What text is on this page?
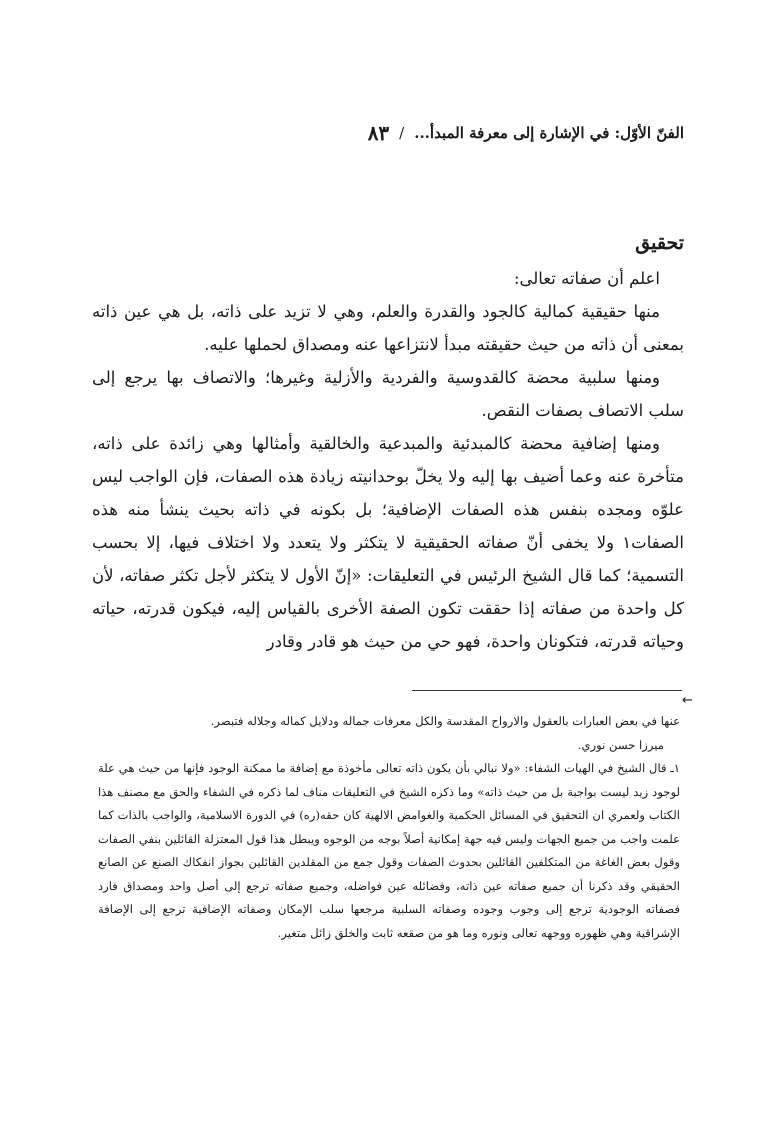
الفنّ الأوّل: في الإشارة إلى معرفة المبدأ...
/
٨٣
تحقيق

اعلم أن صفاته تعالى:

منها حقيقية كمالية كالجود والقدرة والعلم، وهي لا تزيد على ذاته، بل هي عين ذاته بمعنى أن ذاته من حيث حقيقته مبدأ لانتزاعها عنه ومصداق لحملها عليه.

ومنها سلبية محضة كالقدوسية والفردية والأزلية وغيرها؛ والاتصاف بها يرجع إلى سلب الاتصاف بصفات النقص.

ومنها إضافية محضة كالمبدئية والمبدعية والخالقية وأمثالها وهي زائدة على ذاته، متأخرة عنه وعما أضيف بها إليه ولا يخلّ بوحدانيته زيادة هذه الصفات، فإن الواجب ليس علوّه ومجده بنفس هذه الصفات الإضافية؛ بل بكونه في ذاته بحيث ينشأ منه هذه الصفات١ ولا يخفى أنّ صفاته الحقيقية لا يتكثر ولا يتعدد ولا اختلاف فيها، إلا بحسب التسمية؛ كما قال الشيخ الرئيس في التعليقات: «إنّ الأول لا يتكثر لأجل تكثر صفاته، لأن كل واحدة من صفاته إذا حققت تكون الصفة الأخرى بالقياس إليه، فيكون قدرته، حياته وحياته قدرته، فتكونان واحدة، فهو حي من حيث هو قادر وقادر

←

عنها في بعض العبارات بالعقول والارواح المقدسة والكل معرفات جماله ودلايل كماله وجلاله فتبصر.

ميرزا حسن نوري.

١ـ قال الشيخ في الهيات الشفاء: «ولا نبالي بأن يكون ذاته تعالى مأخوذة مع إضافة ما ممكنة الوجود فإنها من حيث هي علة لوجود زيد ليست بواجبة بل من حيث ذاته» وما ذكره الشيخ في التعليقات مناف لما ذكره في الشفاء والحق مع مصنف هذا الكتاب ولعمري ان التحقيق في المسائل الحكمية والغوامض الالهية كان حقه(ره) في الدورة الاسلامية، والواجب بالذات كما علمت واجب من جميع الجهات وليس فيه جهة إمكانية أصلاً بوجه من الوجوه ويبطل هذا قول المعتزلة القائلين بنفي الصفات وقول بعض الغاغة من المتكلفين القائلين بحدوث الصفات وقول جمع من المقلدين القائلين بجواز انفكاك الصنع عن الصانع الحقيقي وقد ذكرنا أن جميع صفاته عين ذاته، وفضائله عين فواضله، وجميع صفاته ترجع إلى أصل واحد ومصداق فارد فصفاته الوجودية ترجع إلى وجوب وجوده وصفاته السلبية مرجعها سلب الإمكان وصفاته الإضافية ترجع إلى الإضافة الإشراقية وهي ظهوره ووجهه تعالى ونوره وما هو من صقعه ثابت والخلق زائل متغير.
